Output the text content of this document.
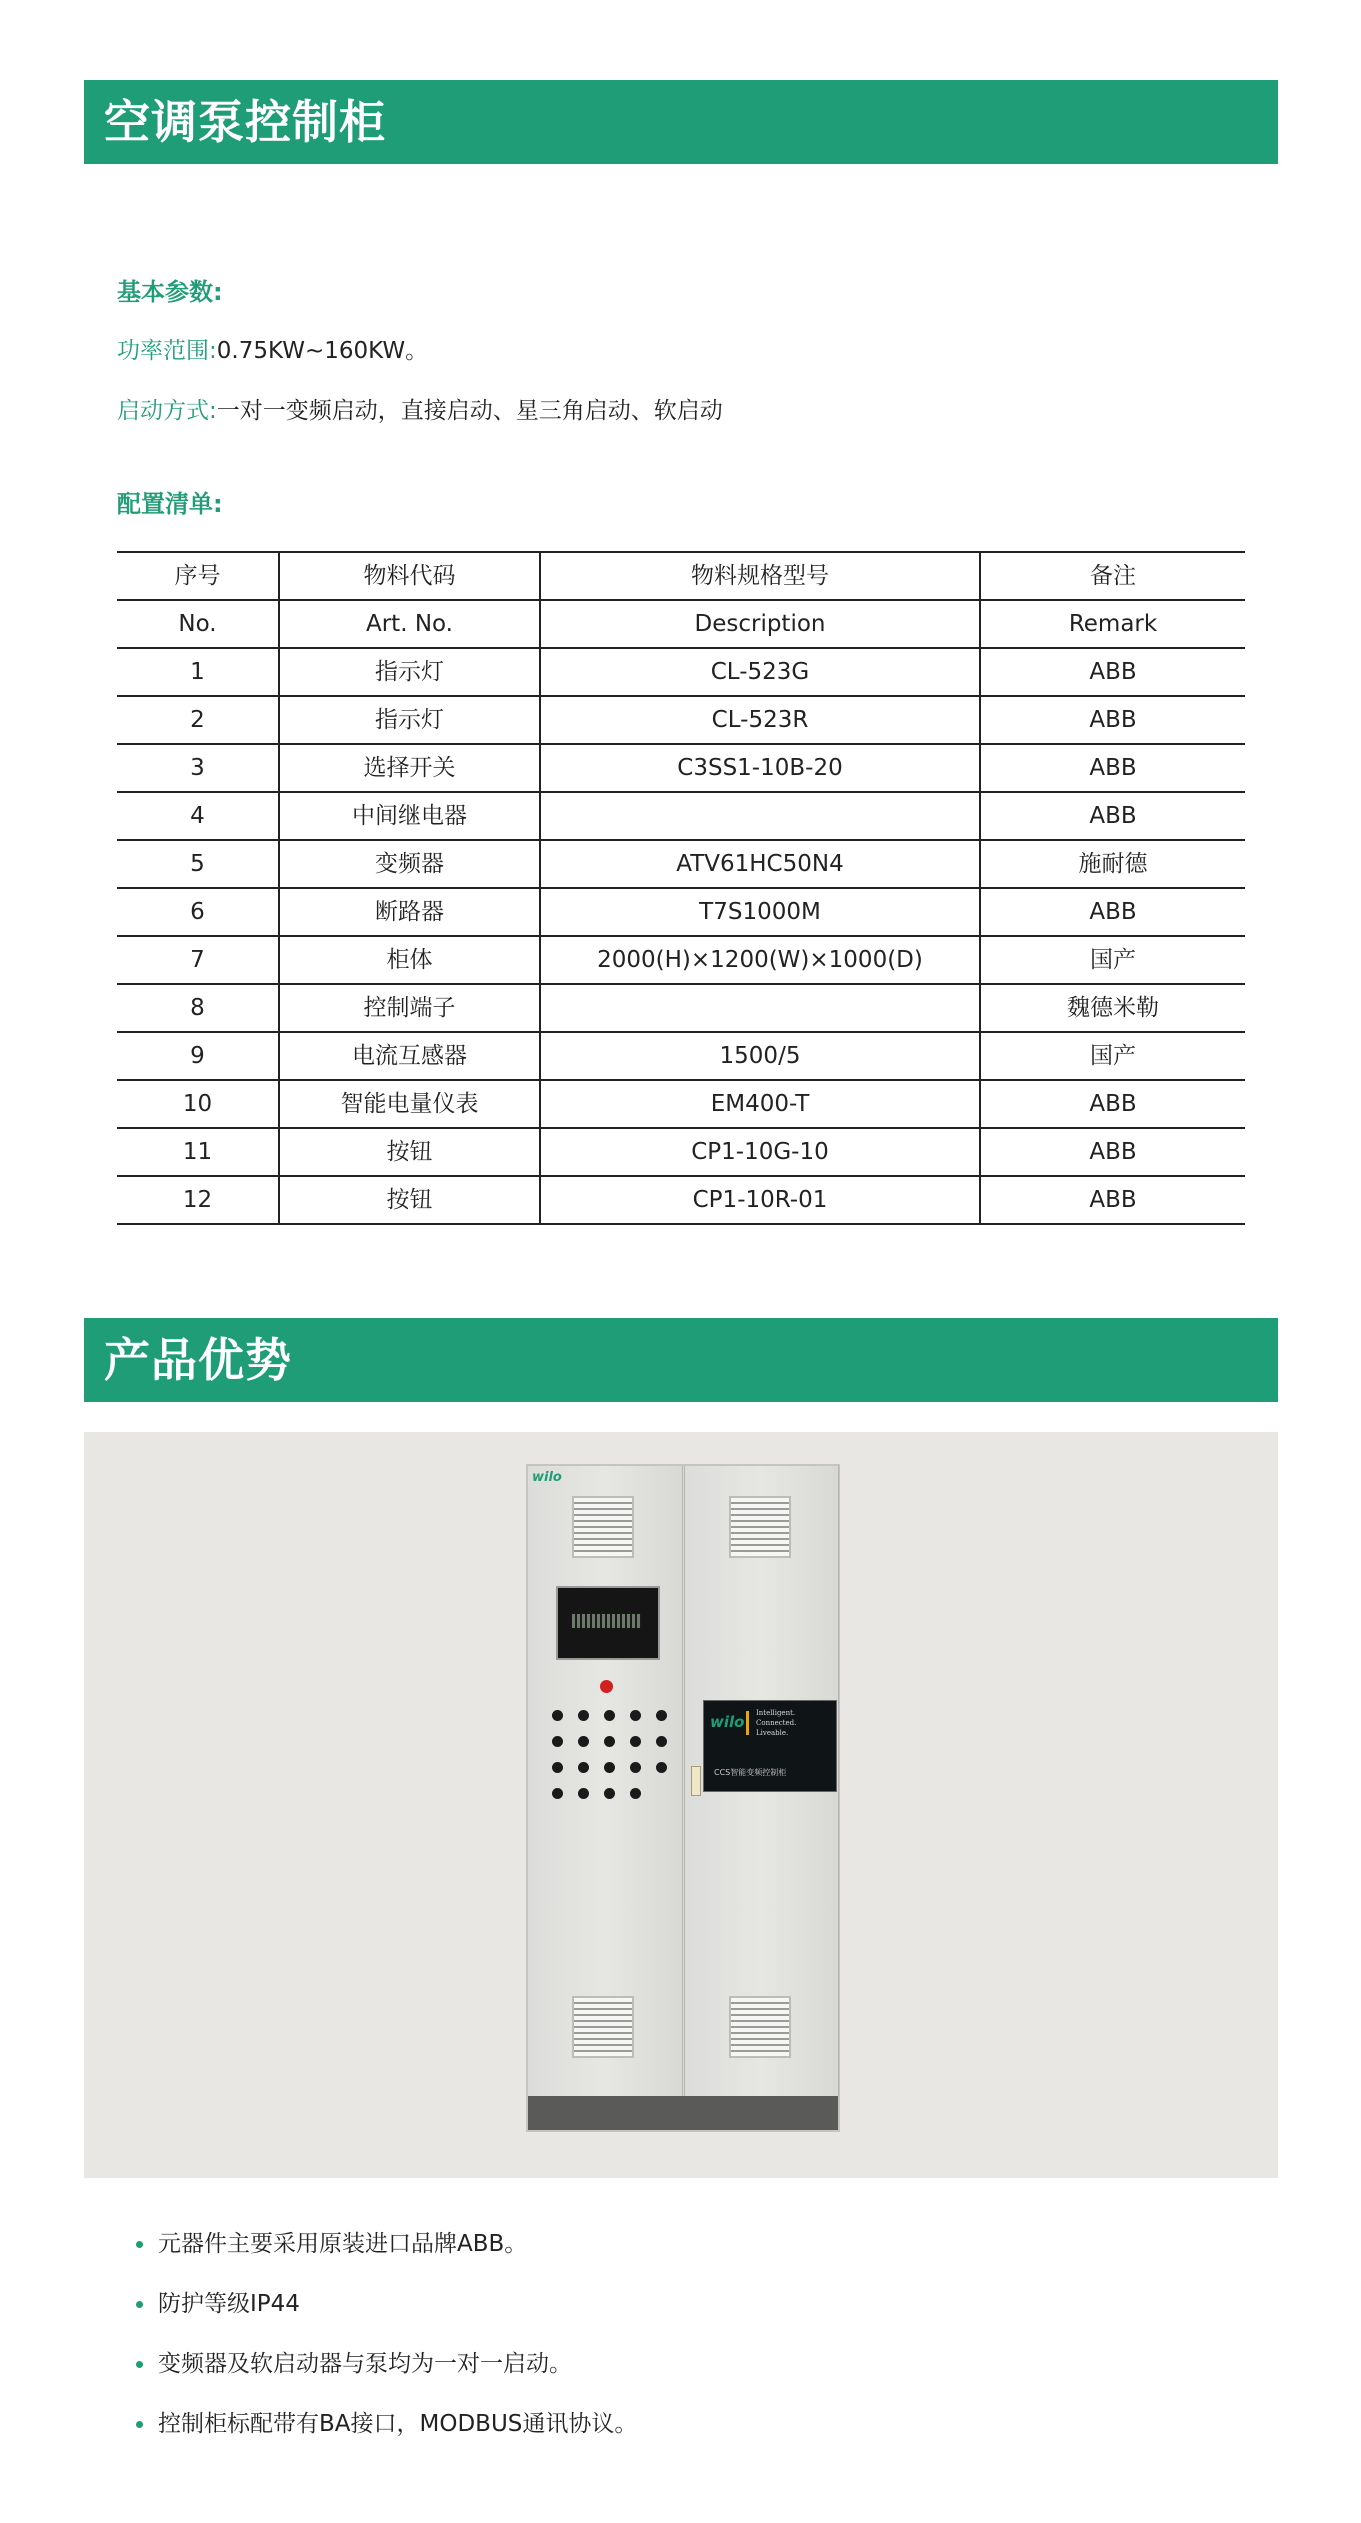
空调泵控制柜
基本参数:
功率范围:0.75KW~160KW。
启动方式:一对一变频启动，直接启动、星三角启动、软启动
配置清单:
序号	物料代码	物料规格型号	备注
No.	Art. No.	Description	Remark
1	指示灯	CL-523G	ABB
2	指示灯	CL-523R	ABB
3	选择开关	C3SS1-10B-20	ABB
4	中间继电器		ABB
5	变频器	ATV61HC50N4	施耐德
6	断路器	T7S1000M	ABB
7	柜体	2000(H)×1200(W)×1000(D)	国产
8	控制端子		魏德米勒
9	电流互感器	1500/5	国产
10	智能电量仪表	EM400-T	ABB
11	按钮	CP1-10G-10	ABB
12	按钮	CP1-10R-01	ABB
产品优势
wilo
wilo Intelligent.
Connected.
Liveable.
CCS智能变频控制柜
元器件主要采用原装进口品牌ABB。
防护等级IP44
变频器及软启动器与泵均为一对一启动。
控制柜标配带有BA接口，MODBUS通讯协议。
